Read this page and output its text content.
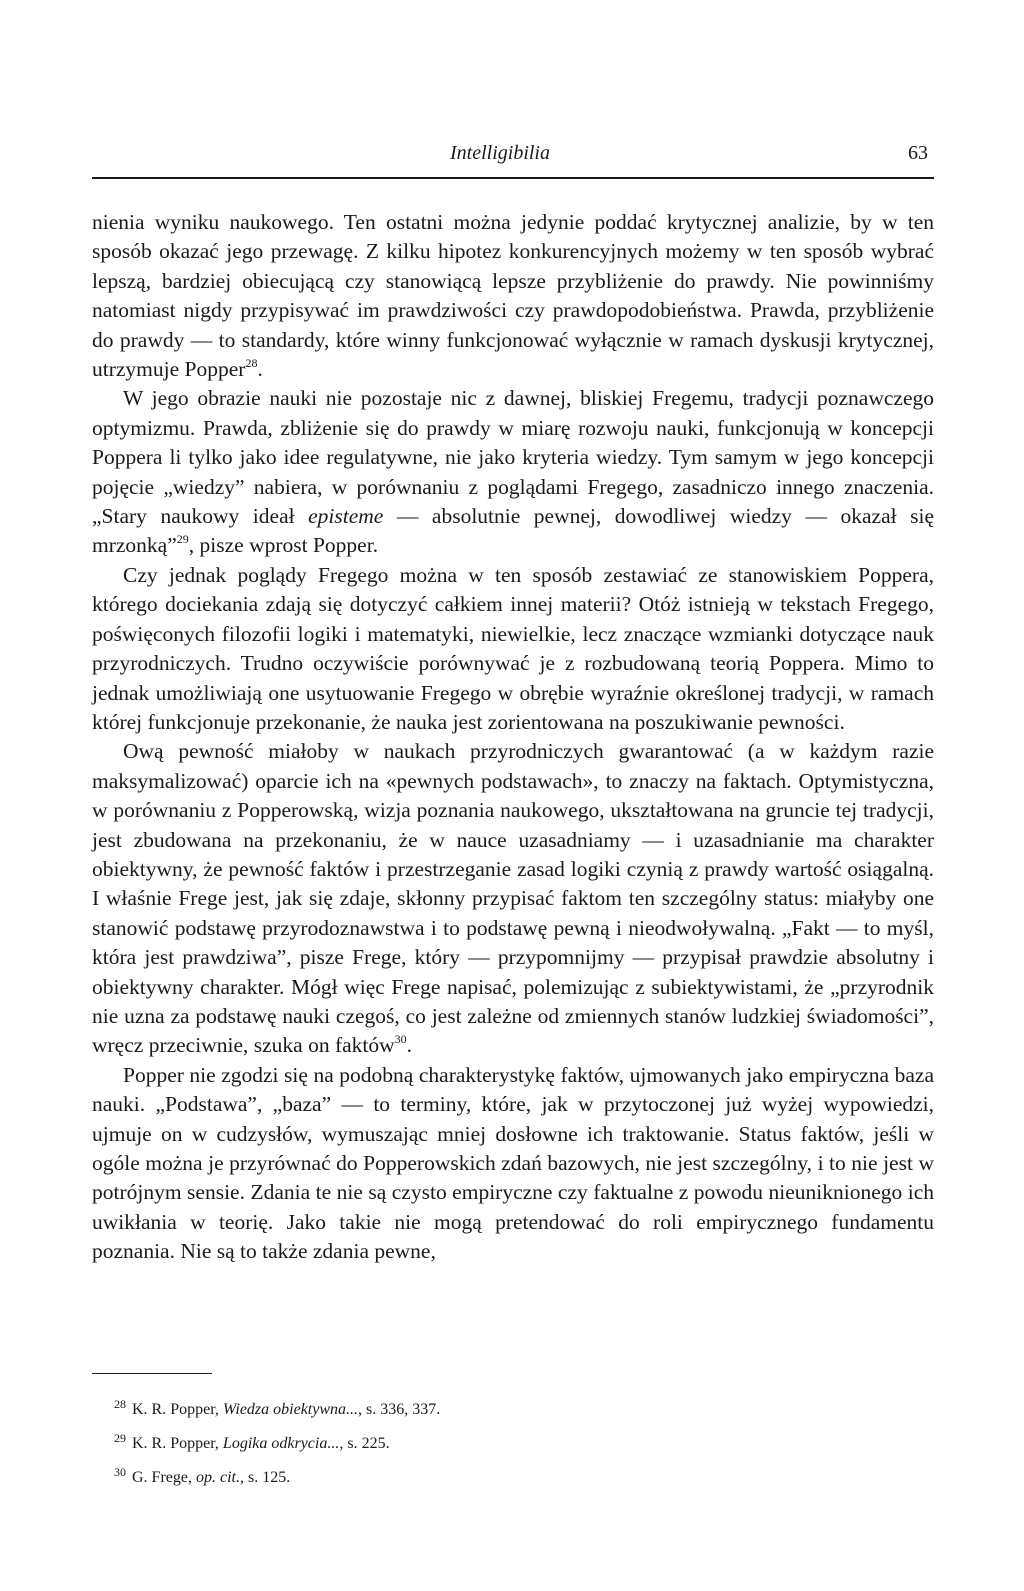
Intelligibilia	63

nienia wyniku naukowego. Ten ostatni można jedynie poddać krytycznej analizie, by w ten sposób okazać jego przewagę. Z kilku hipotez konkurencyjnych możemy w ten sposób wybrać lepszą, bardziej obiecującą czy stanowiącą lepsze przybliżenie do prawdy. Nie powinniśmy natomiast nigdy przypisywać im prawdziwości czy prawdopodobieństwa. Prawda, przybliżenie do prawdy — to standardy, które winny funkcjonować wyłącznie w ramach dyskusji krytycznej, utrzymuje Popper$^{28}$.

W jego obrazie nauki nie pozostaje nic z dawnej, bliskiej Fregemu, tradycji poznawczego optymizmu. Prawda, zbliżenie się do prawdy w miarę rozwoju nauki, funkcjonują w koncepcji Poppera li tylko jako idee regulatywne, nie jako kryteria wiedzy. Tym samym w jego koncepcji pojęcie „wiedzy” nabiera, w porównaniu z poglądami Fregego, zasadniczo innego znaczenia. „Stary naukowy ideał episteme — absolutnie pewnej, dowodliwej wiedzy — okazał się mrzonką”$^{29}$, pisze wprost Popper.

Czy jednak poglądy Fregego można w ten sposób zestawiać ze stanowiskiem Poppera, którego dociekania zdają się dotyczyć całkiem innej materii? Otóż istnieją w tekstach Fregego, poświęconych filozofii logiki i matematyki, niewielkie, lecz znaczące wzmianki dotyczące nauk przyrodniczych. Trudno oczywiście porównywać je z rozbudowaną teorią Poppera. Mimo to jednak umożliwiają one usytuowanie Fregego w obrębie wyraźnie określonej tradycji, w ramach której funkcjonuje przekonanie, że nauka jest zorientowana na poszukiwanie pewności.

Ową pewność miałoby w naukach przyrodniczych gwarantować (a w każdym razie maksymalizować) oparcie ich na «pewnych podstawach», to znaczy na faktach. Optymistyczna, w porównaniu z Popperowską, wizja poznania naukowego, ukształtowana na gruncie tej tradycji, jest zbudowana na przekonaniu, że w nauce uzasadniamy — i uzasadnianie ma charakter obiektywny, że pewność faktów i przestrzeganie zasad logiki czynią z prawdy wartość osiągalną. I właśnie Frege jest, jak się zdaje, skłonny przypisać faktom ten szczególny status: miałyby one stanowić podstawę przyrodoznawstwa i to podstawę pewną i nieodwoływalną. „Fakt — to myśl, która jest prawdziwa”, pisze Frege, który — przypomnijmy — przypisał prawdzie absolutny i obiektywny charakter. Mógł więc Frege napisać, polemizując z subiektywistami, że „przyrodnik nie uzna za podstawę nauki czegoś, co jest zależne od zmiennych stanów ludzkiej świadomości”, wręcz przeciwnie, szuka on faktów$^{30}$.

Popper nie zgodzi się na podobną charakterystykę faktów, ujmowanych jako empiryczna baza nauki. „Podstawa”, „baza” — to terminy, które, jak w przytoczonej już wyżej wypowiedzi, ujmuje on w cudzysłów, wymuszając mniej dosłowne ich traktowanie. Status faktów, jeśli w ogóle można je przyrównać do Popperowskich zdań bazowych, nie jest szczególny, i to nie jest w potrójnym sensie. Zdania te nie są czysto empiryczne czy faktualne z powodu nieuniknionego ich uwikłania w teorię. Jako takie nie mogą pretendować do roli empirycznego fundamentu poznania. Nie są to także zdania pewne,

$^{28}$ K. R. Popper, Wiedza obiektywna..., s. 336, 337.

$^{29}$ K. R. Popper, Logika odkrycia..., s. 225.

$^{30}$ G. Frege, op. cit., s. 125.
